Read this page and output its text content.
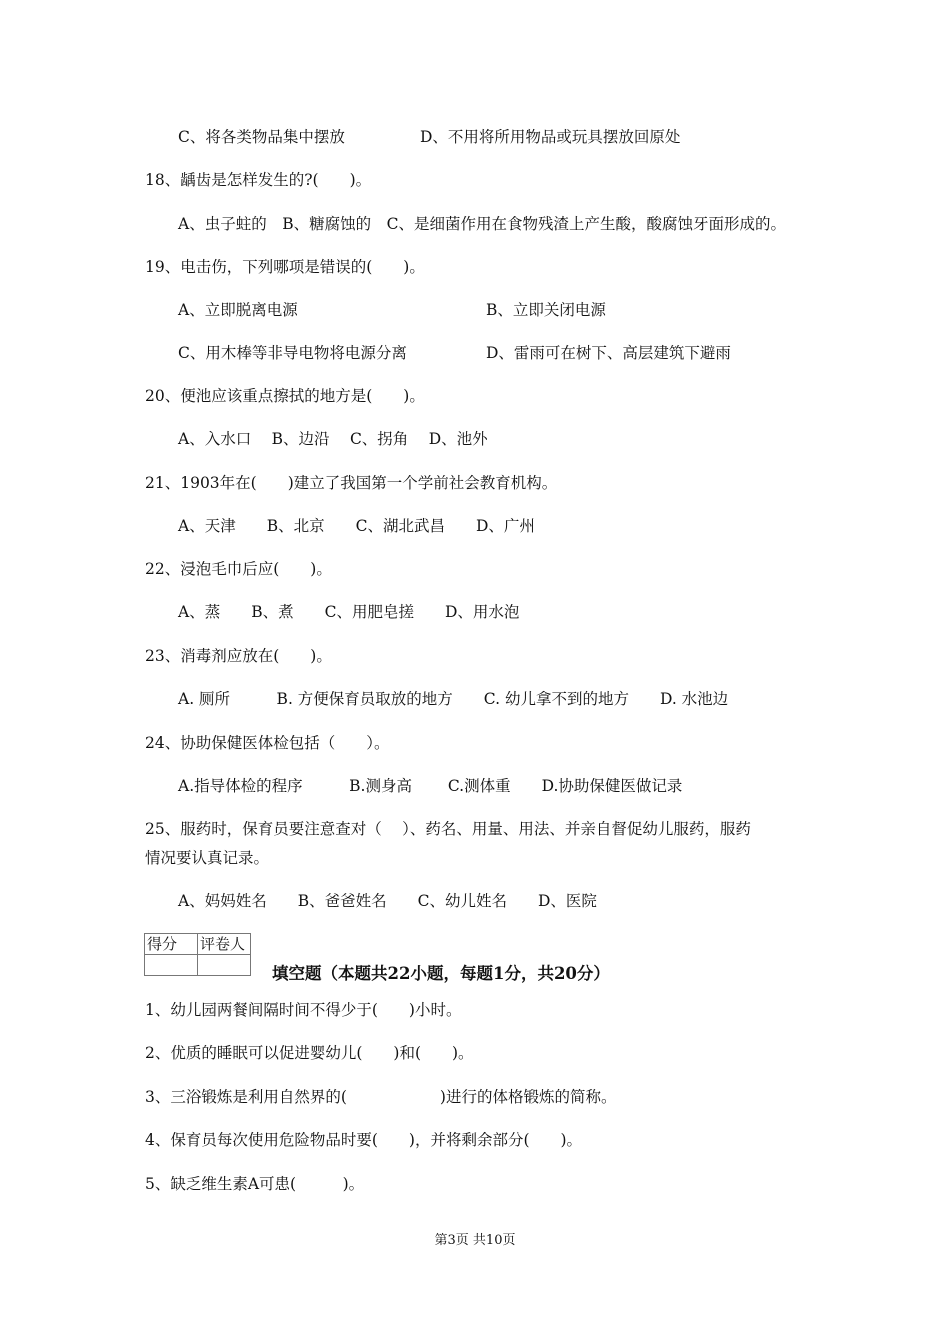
C、将各类物品集中摆放	D、不用将所用物品或玩具摆放回原处
18、龋齿是怎样发生的?(　　)。
A、虫子蛀的　B、糖腐蚀的　C、是细菌作用在食物残渣上产生酸，酸腐蚀牙面形成的。
19、电击伤，下列哪项是错误的(　　)。
A、立即脱离电源	B、立即关闭电源
C、用木棒等非导电物将电源分离	D、雷雨可在树下、高层建筑下避雨
20、便池应该重点擦拭的地方是(　　)。
A、入水口　 B、边沿　 C、拐角　 D、池外
21、1903年在(　　)建立了我国第一个学前社会教育机构。
A、天津　　B、北京　　C、湖北武昌　　D、广州
22、浸泡毛巾后应(　　)。
A、蒸　　B、煮　　C、用肥皂搓　　D、用水泡
23、消毒剂应放在(　　)。
A. 厕所　　　B. 方便保育员取放的地方　　C. 幼儿拿不到的地方　　D. 水池边
24、协助保健医体检包括（　　）。
A.指导体检的程序　　　B.测身高　　 C.测体重　　D.协助保健医做记录
25、服药时，保育员要注意查对（　 ）、药名、用量、用法、并亲自督促幼儿服药，服药
情况要认真记录。
A、妈妈姓名　　B、爸爸姓名　　C、幼儿姓名　　D、医院
得分	评卷人

填空题（本题共22小题，每题1分，共20分）
1、幼儿园两餐间隔时间不得少于(　　)小时。
2、优质的睡眠可以促进婴幼儿(　　)和(　　)。
3、三浴锻炼是利用自然界的(　　　　　　)进行的体格锻炼的简称。
4、保育员每次使用危险物品时要(　　)，并将剩余部分(　　)。
5、缺乏维生素A可患(　　　)。
第3页 共10页
